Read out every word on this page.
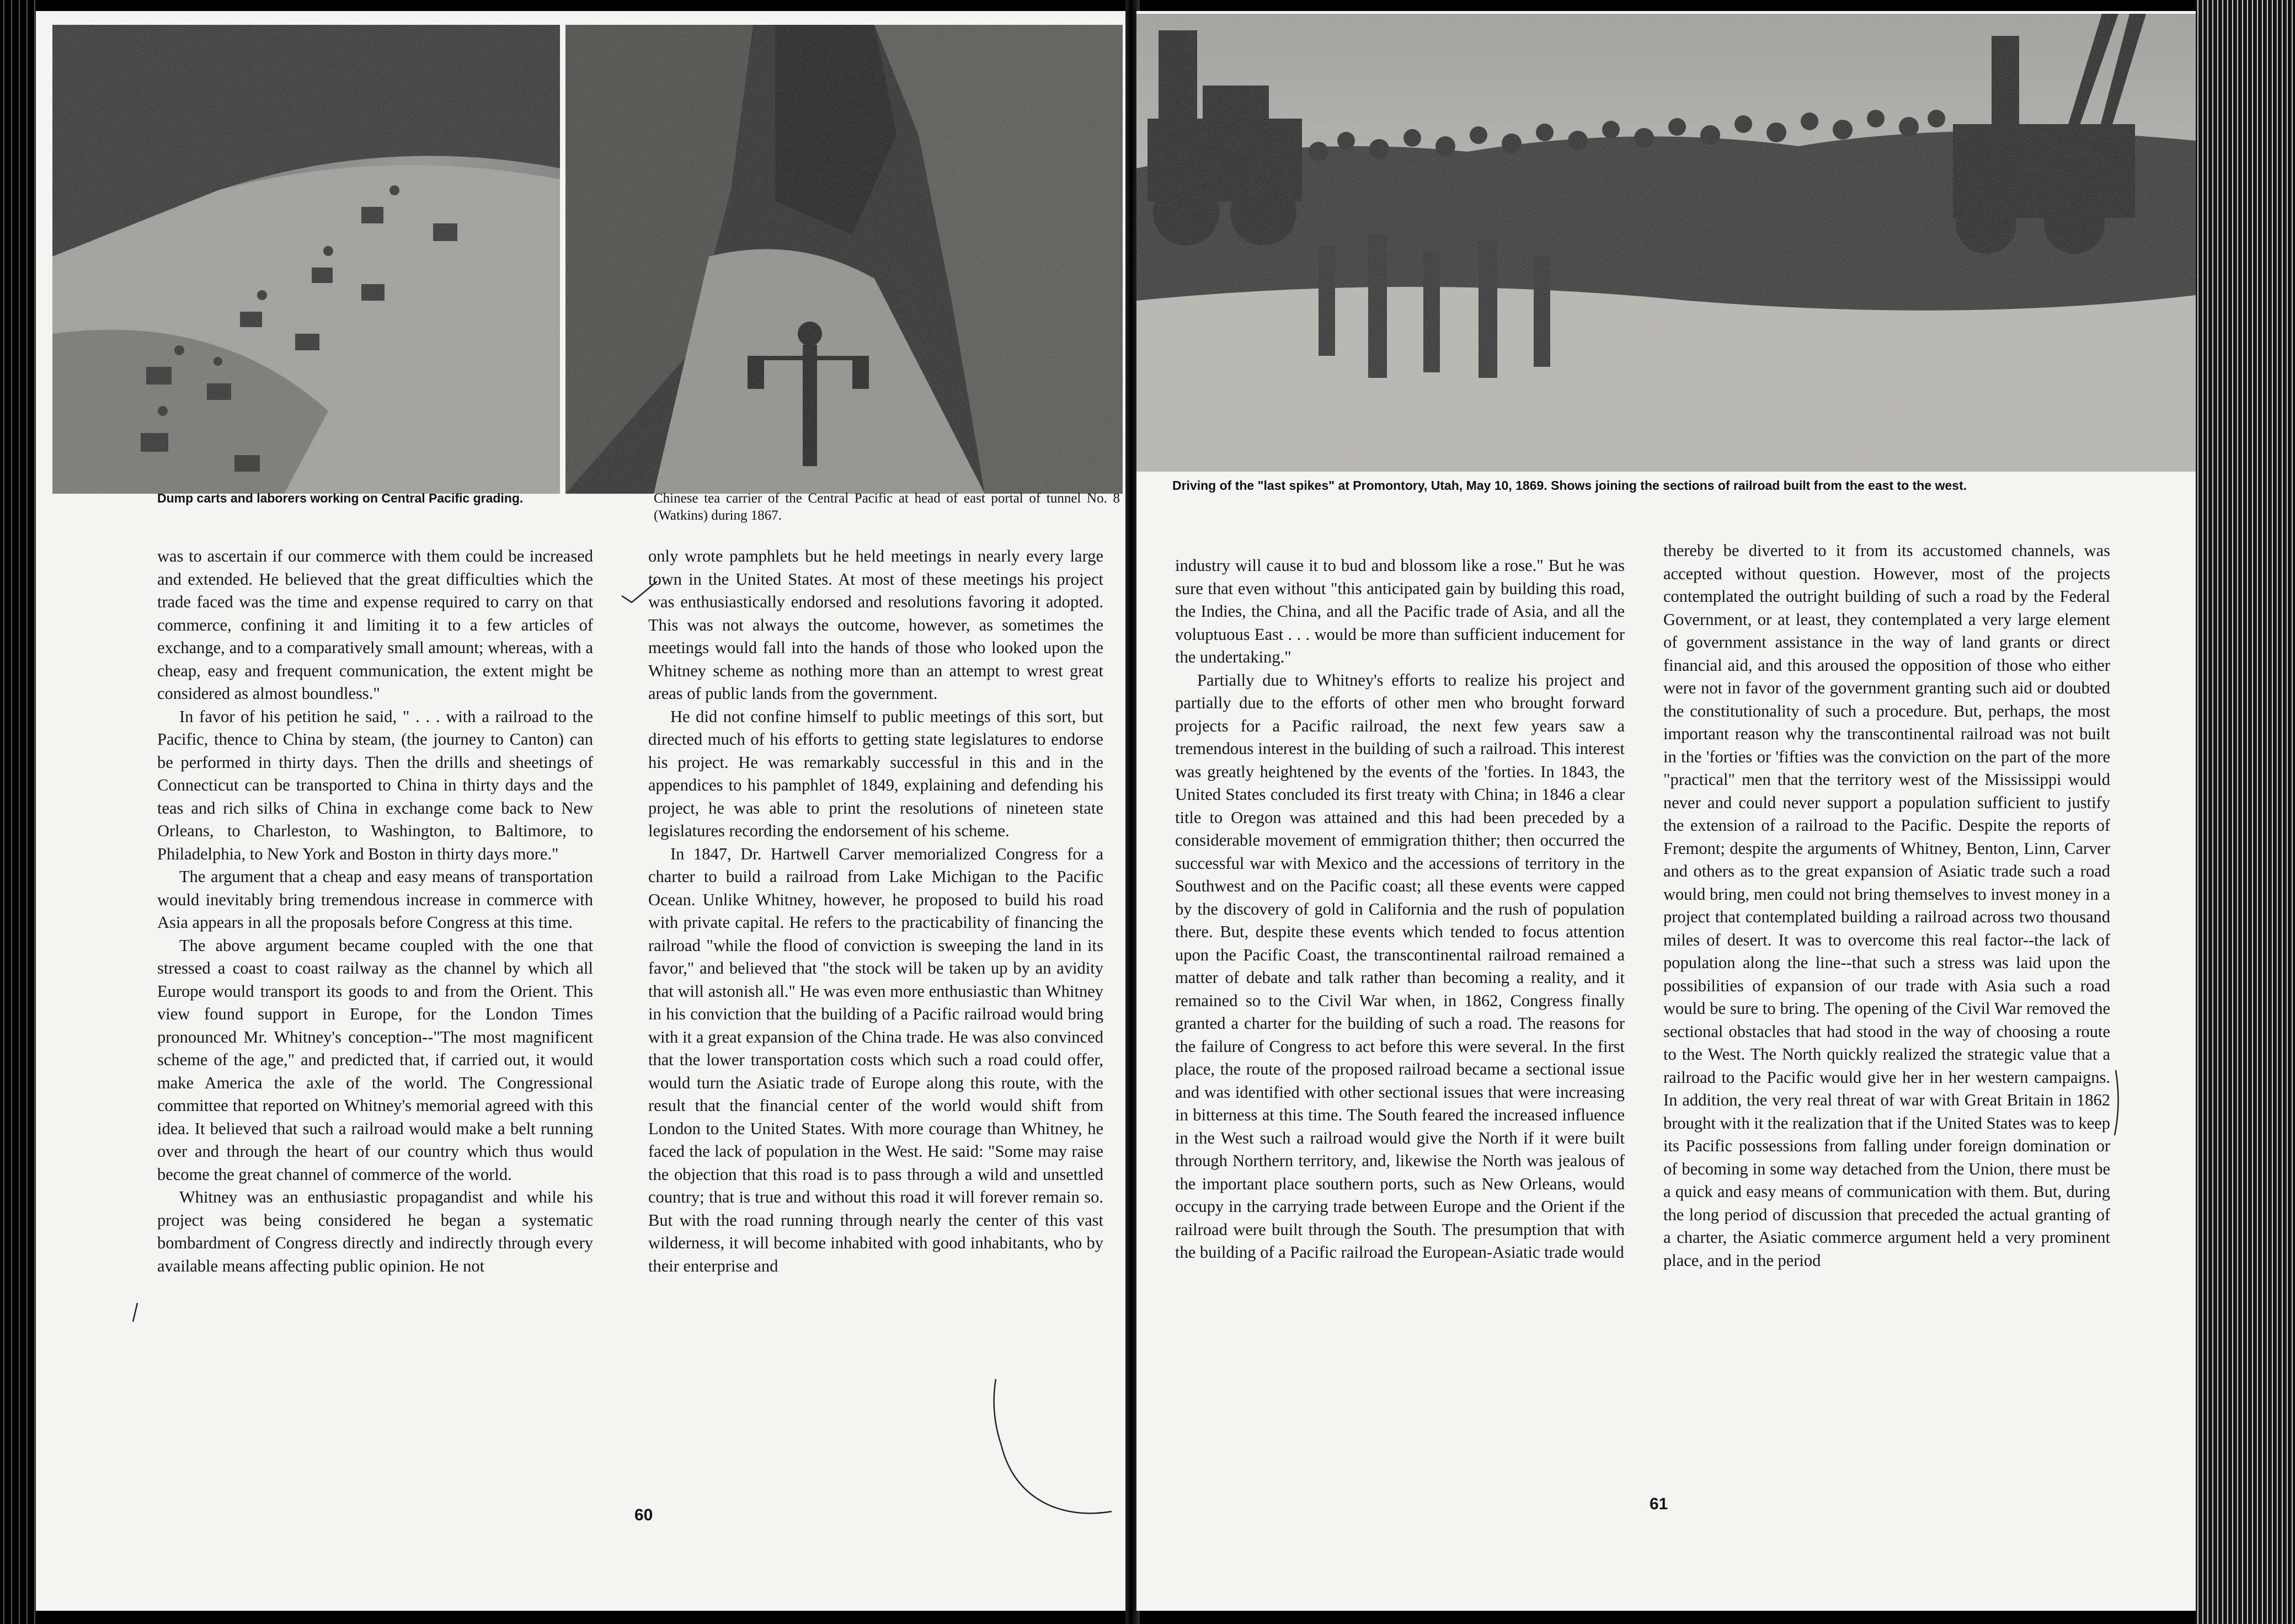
Dump carts and laborers working on Central Pacific grading.	Chinese tea carrier of the Central Pacific at head of east portal of tunnel No. 8 (Watkins) during 1867.

was to ascertain if our commerce with them could be increased and extended. He believed that the great difficulties which the trade faced was the time and expense required to carry on that commerce, confining it and limiting it to a few articles of exchange, and to a comparatively small amount; whereas, with a cheap, easy and frequent communication, the extent might be considered as almost boundless."

In favor of his petition he said, " . . . with a railroad to the Pacific, thence to China by steam, (the journey to Canton) can be performed in thirty days. Then the drills and sheetings of Connecticut can be transported to China in thirty days and the teas and rich silks of China in exchange come back to New Orleans, to Charleston, to Washington, to Baltimore, to Philadelphia, to New York and Boston in thirty days more."

The argument that a cheap and easy means of transportation would inevitably bring tremendous increase in commerce with Asia appears in all the proposals before Congress at this time.

The above argument became coupled with the one that stressed a coast to coast railway as the channel by which all Europe would transport its goods to and from the Orient. This view found support in Europe, for the London Times pronounced Mr. Whitney's conception--"The most magnificent scheme of the age," and predicted that, if carried out, it would make America the axle of the world. The Congressional committee that reported on Whitney's memorial agreed with this idea. It believed that such a railroad would make a belt running over and through the heart of our country which thus would become the great channel of commerce of the world.

Whitney was an enthusiastic propagandist and while his project was being considered he began a systematic bombardment of Congress directly and indirectly through every available means affecting public opinion. He not

only wrote pamphlets but he held meetings in nearly every large town in the United States. At most of these meetings his project was enthusiastically endorsed and resolutions favoring it adopted. This was not always the outcome, however, as sometimes the meetings would fall into the hands of those who looked upon the Whitney scheme as nothing more than an attempt to wrest great areas of public lands from the government.

He did not confine himself to public meetings of this sort, but directed much of his efforts to getting state legislatures to endorse his project. He was remarkably successful in this and in the appendices to his pamphlet of 1849, explaining and defending his project, he was able to print the resolutions of nineteen state legislatures recording the endorsement of his scheme.

In 1847, Dr. Hartwell Carver memorialized Congress for a charter to build a railroad from Lake Michigan to the Pacific Ocean. Unlike Whitney, however, he proposed to build his road with private capital. He refers to the practicability of financing the railroad "while the flood of conviction is sweeping the land in its favor," and believed that "the stock will be taken up by an avidity that will astonish all." He was even more enthusiastic than Whitney in his conviction that the building of a Pacific railroad would bring with it a great expansion of the China trade. He was also convinced that the lower transportation costs which such a road could offer, would turn the Asiatic trade of Europe along this route, with the result that the financial center of the world would shift from London to the United States. With more courage than Whitney, he faced the lack of population in the West. He said: "Some may raise the objection that this road is to pass through a wild and unsettled country; that is true and without this road it will forever remain so. But with the road running through nearly the center of this vast wilderness, it will become inhabited with good inhabitants, who by their enterprise and

60
Driving of the "last spikes" at Promontory, Utah, May 10, 1869. Shows joining the sections of railroad built from the east to the west.

industry will cause it to bud and blossom like a rose." But he was sure that even without "this anticipated gain by building this road, the Indies, the China, and all the Pacific trade of Asia, and all the voluptuous East . . . would be more than sufficient inducement for the undertaking."

Partially due to Whitney's efforts to realize his project and partially due to the efforts of other men who brought forward projects for a Pacific railroad, the next few years saw a tremendous interest in the building of such a railroad. This interest was greatly heightened by the events of the 'forties. In 1843, the United States concluded its first treaty with China; in 1846 a clear title to Oregon was attained and this had been preceded by a considerable movement of emmigration thither; then occurred the successful war with Mexico and the accessions of territory in the Southwest and on the Pacific coast; all these events were capped by the discovery of gold in California and the rush of population there. But, despite these events which tended to focus attention upon the Pacific Coast, the transcontinental railroad remained a matter of debate and talk rather than becoming a reality, and it remained so to the Civil War when, in 1862, Congress finally granted a charter for the building of such a road. The reasons for the failure of Congress to act before this were several. In the first place, the route of the proposed railroad became a sectional issue and was identified with other sectional issues that were increasing in bitterness at this time. The South feared the increased influence in the West such a railroad would give the North if it were built through Northern territory, and, likewise the North was jealous of the important place southern ports, such as New Orleans, would occupy in the carrying trade between Europe and the Orient if the railroad were built through the South. The presumption that with the building of a Pacific railroad the European-Asiatic trade would

thereby be diverted to it from its accustomed channels, was accepted without question. However, most of the projects contemplated the outright building of such a road by the Federal Government, or at least, they contemplated a very large element of government assistance in the way of land grants or direct financial aid, and this aroused the opposition of those who either were not in favor of the government granting such aid or doubted the constitutionality of such a procedure. But, perhaps, the most important reason why the transcontinental railroad was not built in the 'forties or 'fifties was the conviction on the part of the more "practical" men that the territory west of the Mississippi would never and could never support a population sufficient to justify the extension of a railroad to the Pacific. Despite the reports of Fremont; despite the arguments of Whitney, Benton, Linn, Carver and others as to the great expansion of Asiatic trade such a road would bring, men could not bring themselves to invest money in a project that contemplated building a railroad across two thousand miles of desert. It was to overcome this real factor--the lack of population along the line--that such a stress was laid upon the possibilities of expansion of our trade with Asia such a road would be sure to bring. The opening of the Civil War removed the sectional obstacles that had stood in the way of choosing a route to the West. The North quickly realized the strategic value that a railroad to the Pacific would give her in her western campaigns. In addition, the very real threat of war with Great Britain in 1862 brought with it the realization that if the United States was to keep its Pacific possessions from falling under foreign domination or of becoming in some way detached from the Union, there must be a quick and easy means of communication with them. But, during the long period of discussion that preceded the actual granting of a charter, the Asiatic commerce argument held a very prominent place, and in the period

61
